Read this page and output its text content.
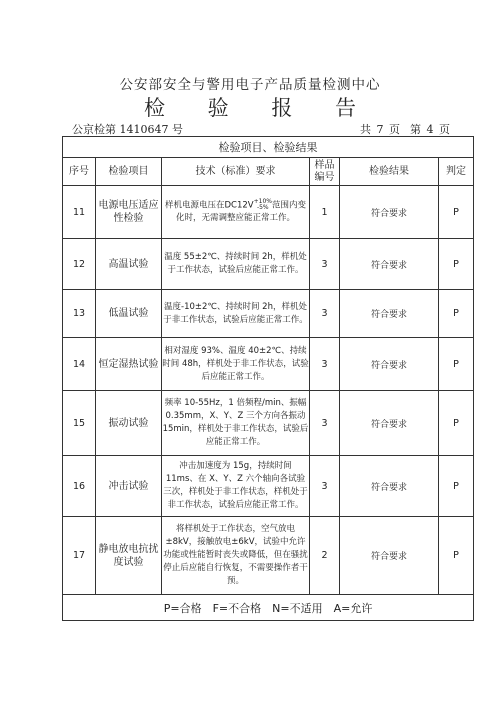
公安部安全与警用电子产品质量检测中心
检 验 报 告
公京检第 1410647 号	共 7 页 第 4 页
检验项目、检验结果					
序号	检验项目	技术（标准）要求	样品编号	检验结果	判定
11	电源电压适应性检验	样机电源电压在DC12V +10%
-5% 范围内变化时，无需调整应能正常工作。	1	符合要求	P
12	高温试验	温度 55±2℃、持续时间 2h，样机处于工作状态，试验后应能正常工作。	3	符合要求	P
13	低温试验	温度-10±2℃、持续时间 2h，样机处于非工作状态，试验后应能正常工作。	3	符合要求	P
14	恒定湿热试验	相对湿度 93%、温度 40±2℃、持续时间 48h，样机处于非工作状态，试验后应能正常工作。	3	符合要求	P
15	振动试验	频率 10-55Hz，1 倍频程/min、振幅0.35mm，X、Y、Z 三个方向各振动15min，样机处于非工作状态，试验后应能正常工作。	3	符合要求	P
16	冲击试验	冲击加速度为 15g，持续时间 11ms、在 X、Y、Z 六个轴向各试验三次，样机处于非工作状态，样机处于非工作状态，试验后应能正常工作。	3	符合要求	P
17	静电放电抗扰度试验	将样机处于工作状态，空气放电±8kV，接触放电±6kV，试验中允许功能或性能暂时丧失或降低，但在骚扰停止后应能自行恢复，不需要操作者干预。	2	符合要求	P
P=合格　F=不合格　N=不适用　A=允许					
